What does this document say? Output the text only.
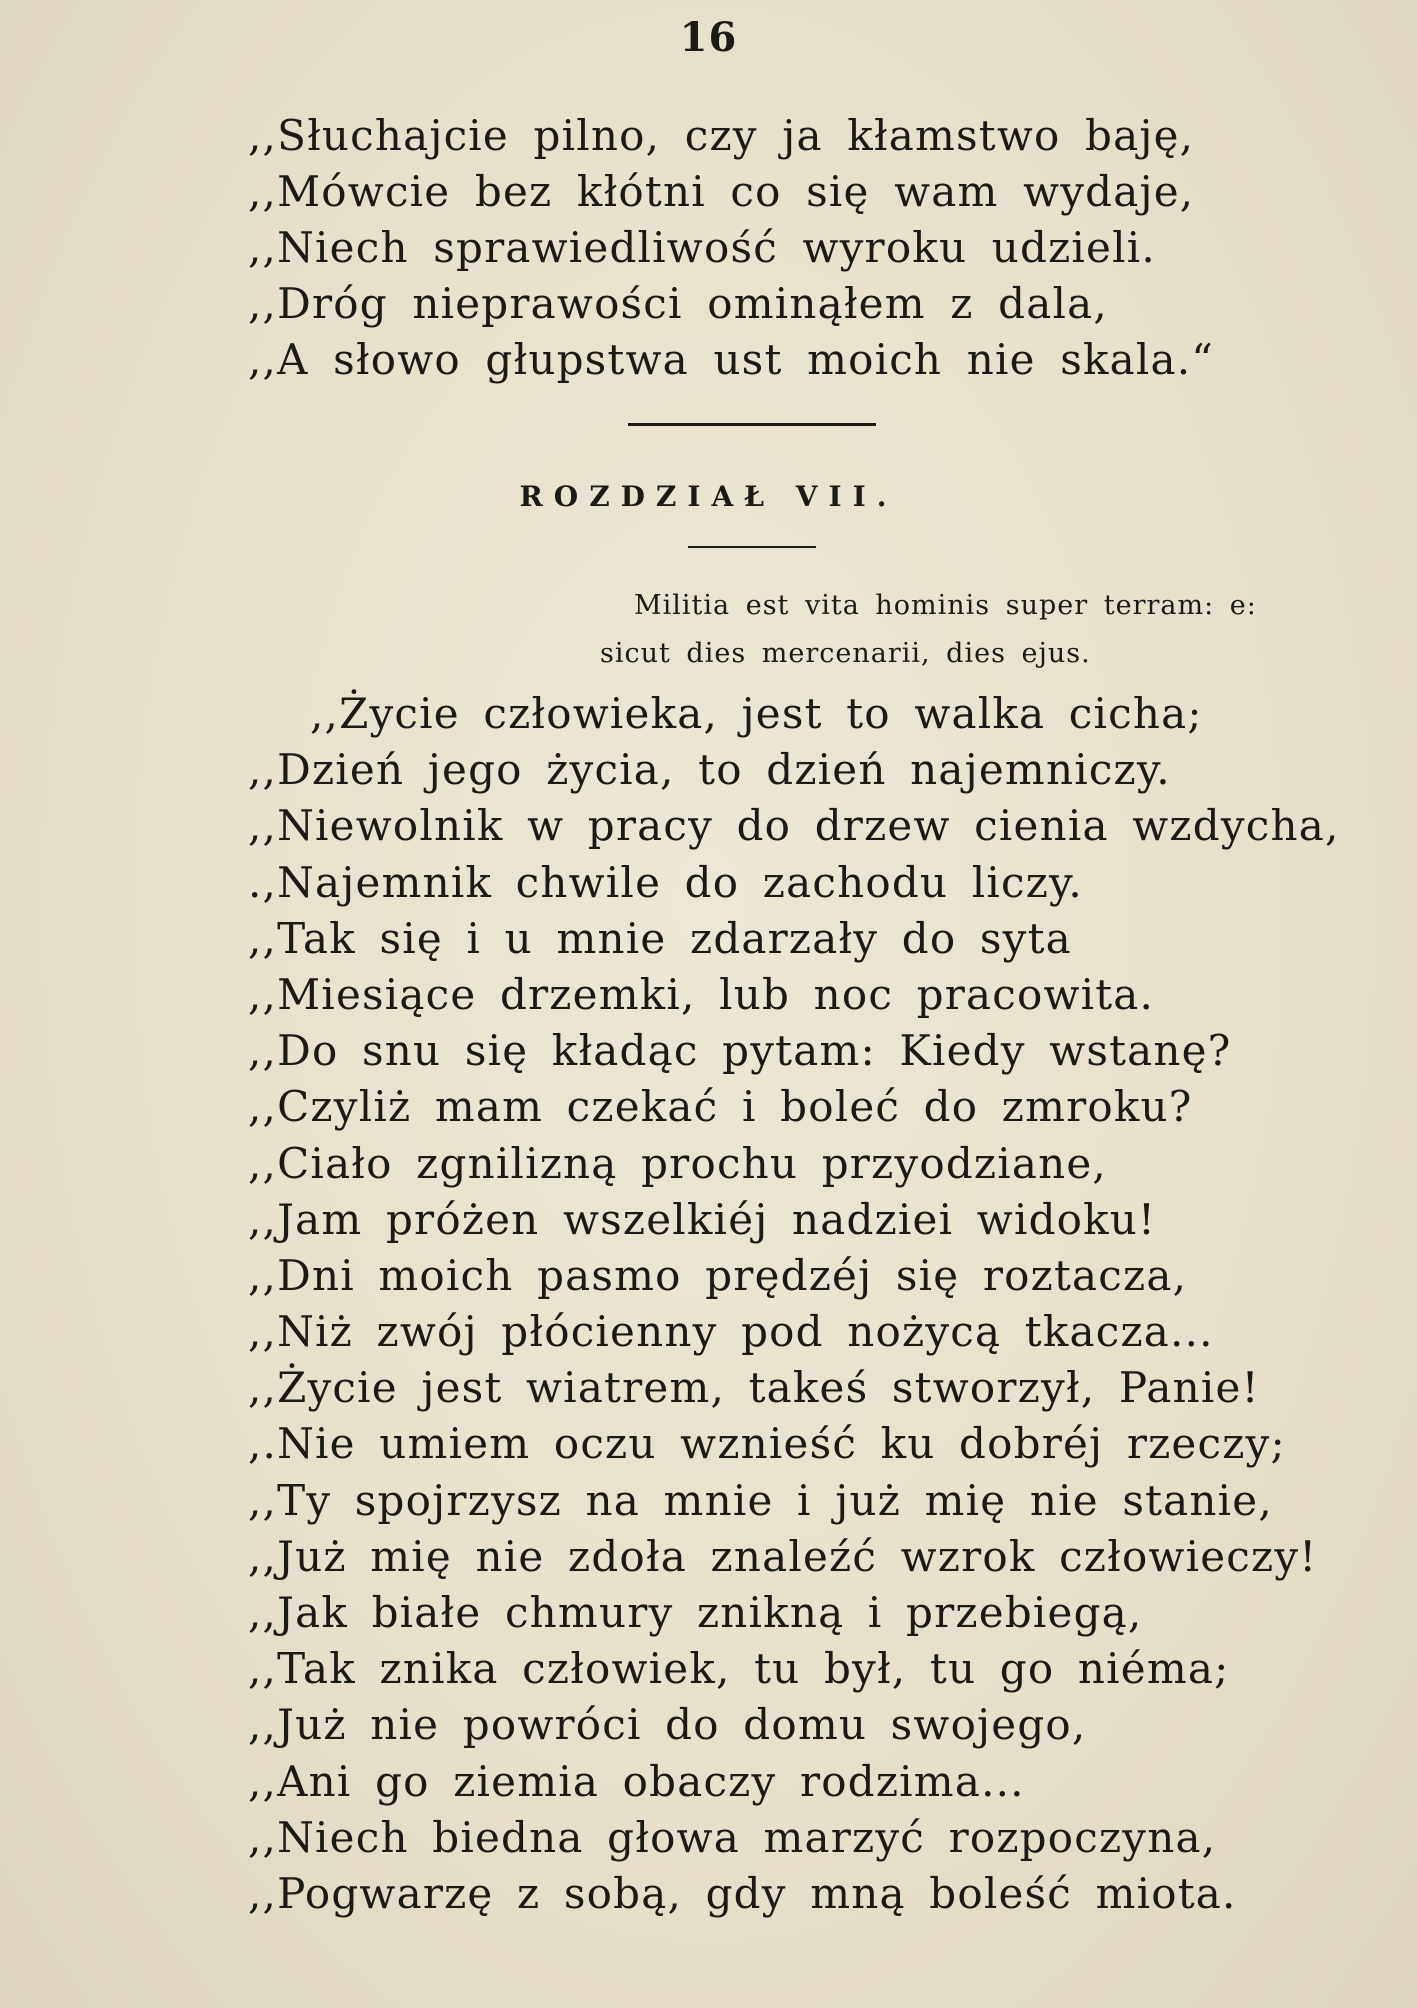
16
,,Słuchajcie pilno, czy ja kłamstwo baję,
,,Mówcie bez kłótni co się wam wydaje,
,,Niech sprawiedliwość wyroku udzieli.
,,Dróg nieprawości ominąłem z dala,
,,A słowo głupstwa ust moich nie skala.“
ROZDZIAŁ VII.
Militia est vita hominis super terram: e:
sicut dies mercenarii, dies ejus.
,,Życie człowieka, jest to walka cicha;
,,Dzień jego życia, to dzień najemniczy.
,,Niewolnik w pracy do drzew cienia wzdycha,
.,Najemnik chwile do zachodu liczy.
,,Tak się i u mnie zdarzały do syta
,,Miesiące drzemki, lub noc pracowita.
,,Do snu się kładąc pytam: Kiedy wstanę?
,,Czyliż mam czekać i boleć do zmroku?
,,Ciało zgnilizną prochu przyodziane,
,,Jam próżen wszelkiéj nadziei widoku!
,,Dni moich pasmo prędzéj się roztacza,
,,Niż zwój płócienny pod nożycą tkacza...
,,Życie jest wiatrem, takeś stworzył, Panie!
,.Nie umiem oczu wznieść ku dobréj rzeczy;
,,Ty spojrzysz na mnie i już mię nie stanie,
,,Już mię nie zdoła znaleźć wzrok człowieczy!
,,Jak białe chmury znikną i przebiegą,
,,Tak znika człowiek, tu był, tu go niéma;
,,Już nie powróci do domu swojego,
,,Ani go ziemia obaczy rodzima...
,,Niech biedna głowa marzyć rozpoczyna,
,,Pogwarzę z sobą, gdy mną boleść miota.
